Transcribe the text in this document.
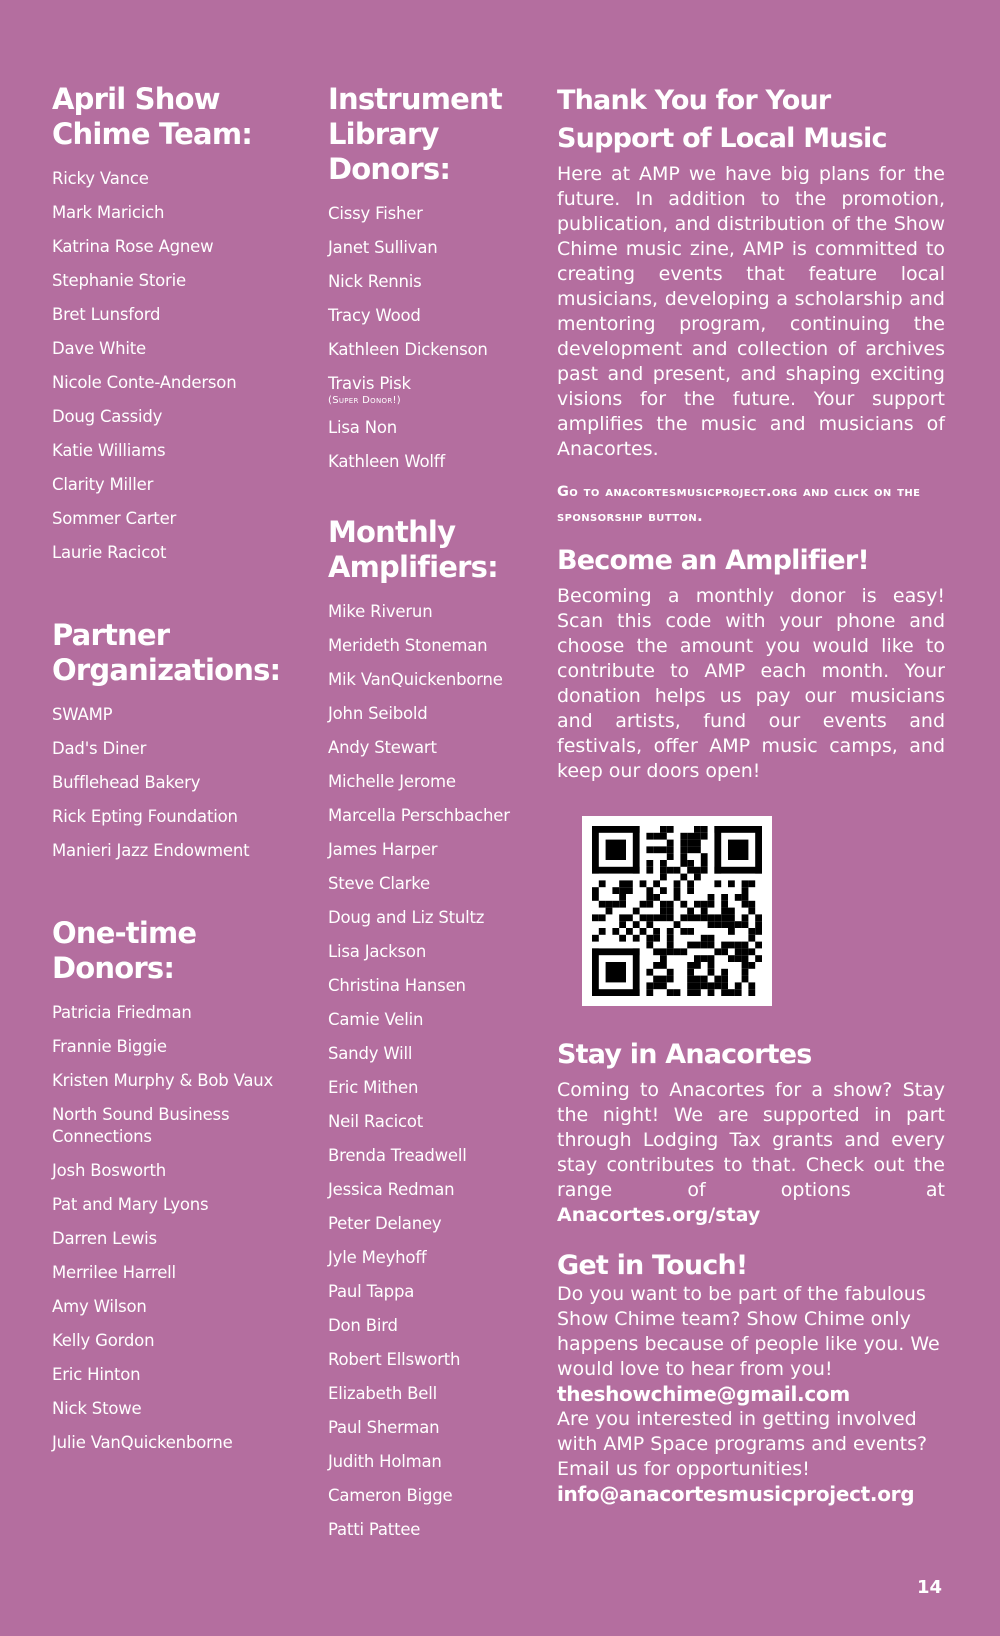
April Show Chime Team:
Ricky Vance
Mark Maricich
Katrina Rose Agnew
Stephanie Storie
Bret Lunsford
Dave White
Nicole Conte-Anderson
Doug Cassidy
Katie Williams
Clarity Miller
Sommer Carter
Laurie Racicot
Partner Organizations:
SWAMP
Dad's Diner
Bufflehead Bakery
Rick Epting Foundation
Manieri Jazz Endowment
One-time Donors:
Patricia Friedman
Frannie Biggie
Kristen Murphy & Bob Vaux
North Sound Business Connections
Josh Bosworth
Pat and Mary Lyons
Darren Lewis
Merrilee Harrell
Amy Wilson
Kelly Gordon
Eric Hinton
Nick Stowe
Julie VanQuickenborne
Instrument Library Donors:
Cissy Fisher
Janet Sullivan
Nick Rennis
Tracy Wood
Kathleen Dickenson
Travis Pisk
(Super Donor!)
Lisa Non
Kathleen Wolff
Monthly Amplifiers:
Mike Riverun
Merideth Stoneman
Mik VanQuickenborne
John Seibold
Andy Stewart
Michelle Jerome
Marcella Perschbacher
James Harper
Steve Clarke
Doug and Liz Stultz
Lisa Jackson
Christina Hansen
Camie Velin
Sandy Will
Eric Mithen
Neil Racicot
Brenda Treadwell
Jessica Redman
Peter Delaney
Jyle Meyhoff
Paul Tappa
Don Bird
Robert Ellsworth
Elizabeth Bell
Paul Sherman
Judith Holman
Cameron Bigge
Patti Pattee
Thank You for Your Support of Local Music

Here at AMP we have big plans for the future. In addition to the promotion, publication, and distribution of the Show Chime music zine, AMP is committed to creating events that feature local musicians, developing a scholarship and mentoring program, continuing the development and collection of archives past and present, and shaping exciting visions for the future. Your support amplifies the music and musicians of Anacortes.

Go to anacortesmusicproject.org and click on the sponsorship button.
Become an Amplifier!

Becoming a monthly donor is easy! Scan this code with your phone and choose the amount you would like to contribute to AMP each month. Your donation helps us pay our musicians and artists, fund our events and festivals, offer AMP music camps, and keep our doors open!

Stay in Anacortes

Coming to Anacortes for a show? Stay the night! We are supported in part through Lodging Tax grants and every stay contributes to that. Check out the range of options at Anacortes.org/stay

Get in Touch!

Do you want to be part of the fabulous Show Chime team? Show Chime only happens because of people like you. We would love to hear from you!

theshowchime@gmail.com

Are you interested in getting involved with AMP Space programs and events? Email us for opportunities!

info@anacortesmusicproject.org
14
